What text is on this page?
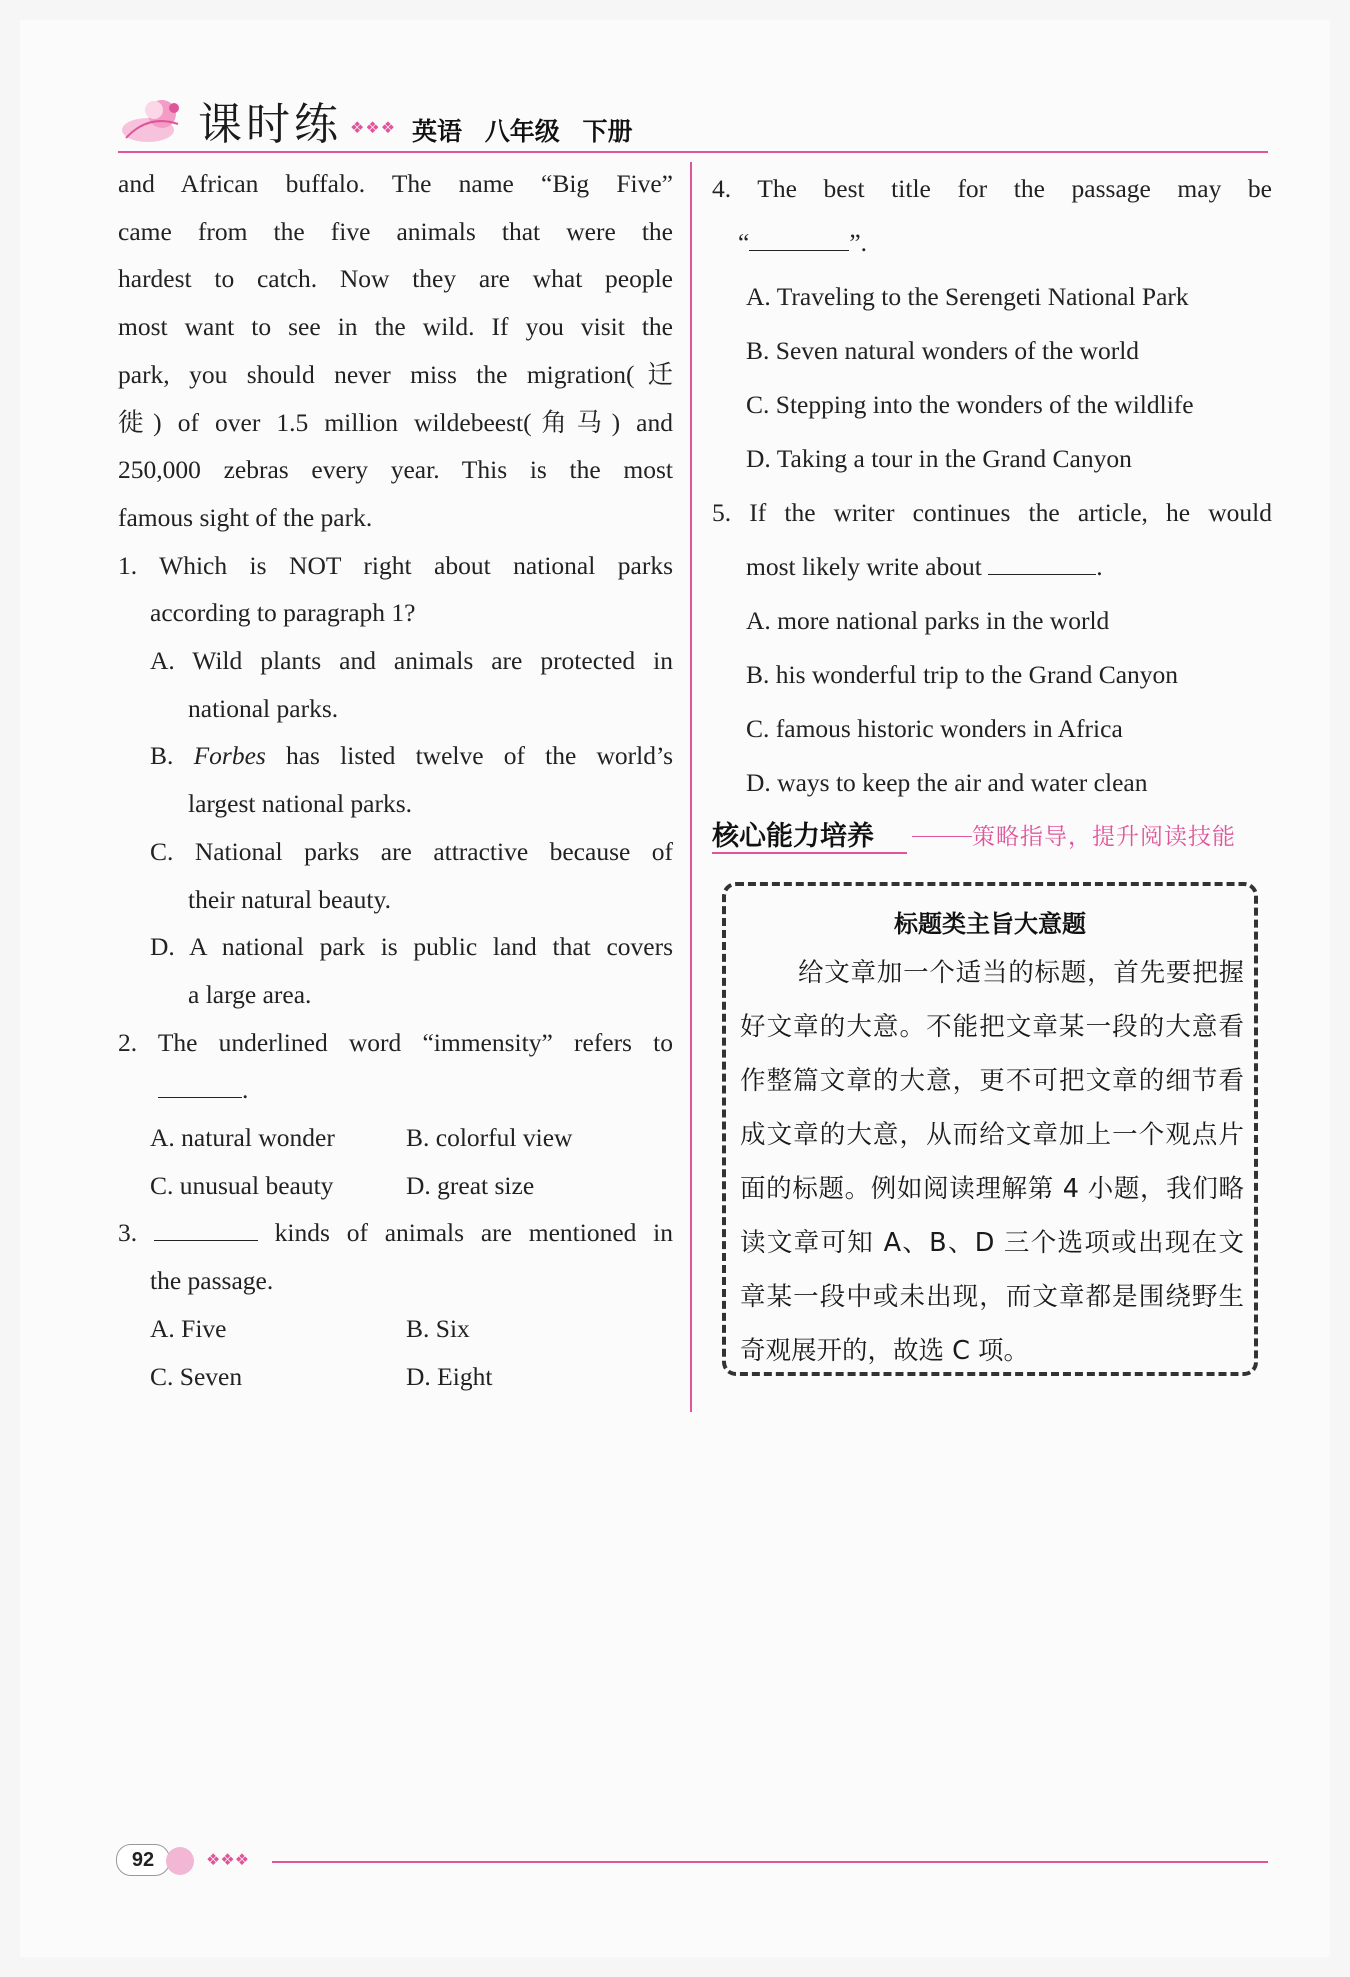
课时练 ❖❖❖ 英语 八年级 下册
and African buffalo. The name “Big Five”
came from the five animals that were the
hardest to catch. Now they are what people
most want to see in the wild. If you visit the
park, you should never miss the migration(迁
徙) of over 1.5 million wildebeest(角马) and
250,000 zebras every year. This is the most
famous sight of the park.
1. Which is NOT right about national parks
according to paragraph 1?
A. Wild plants and animals are protected in
national parks.
B. Forbes has listed twelve of the world’s
largest national parks.
C. National parks are attractive because of
their natural beauty.
D. A national park is public land that covers
a large area.
2. The underlined word “immensity” refers to
.
A. natural wonder	B. colorful view
C. unusual beauty	D. great size
3.	kinds of animals are mentioned in
the passage.
A. Five	B. Six
C. Seven	D. Eight
4. The best title for the passage may be
“	”.
A. Traveling to the Serengeti National Park
B. Seven natural wonders of the world
C. Stepping into the wonders of the wildlife
D. Taking a tour in the Grand Canyon
5. If the writer continues the article, he would
most likely write about	.
A. more national parks in the world
B. his wonderful trip to the Grand Canyon
C. famous historic wonders in Africa
D. ways to keep the air and water clean
核心能力培养	策略指导，提升阅读技能
标题类主旨大意题
给文章加一个适当的标题，首先要把握好文章的大意。不能把文章某一段的大意看作整篇文章的大意，更不可把文章的细节看成文章的大意，从而给文章加上一个观点片面的标题。例如阅读理解第 4 小题，我们略读文章可知 A、B、D 三个选项或出现在文章某一段中或未出现，而文章都是围绕野生奇观展开的，故选 C 项。
92	❖❖❖
